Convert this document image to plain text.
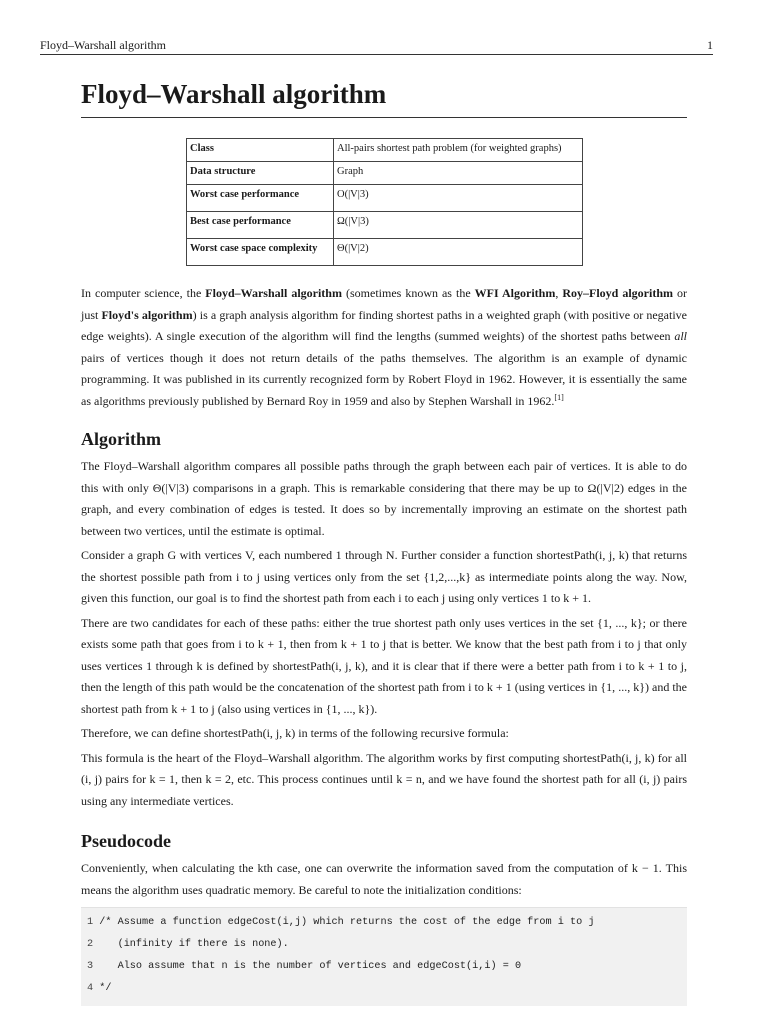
Floyd–Warshall algorithm	1
Floyd–Warshall algorithm
Class	All-pairs shortest path problem (for weighted graphs)
Data structure	Graph
Worst case performance	O(|V|3)
Best case performance	Ω(|V|3)
Worst case space complexity	Θ(|V|2)

In computer science, the Floyd–Warshall algorithm (sometimes known as the WFI Algorithm, Roy–Floyd algorithm or just Floyd's algorithm) is a graph analysis algorithm for finding shortest paths in a weighted graph (with positive or negative edge weights). A single execution of the algorithm will find the lengths (summed weights) of the shortest paths between all pairs of vertices though it does not return details of the paths themselves. The algorithm is an example of dynamic programming. It was published in its currently recognized form by Robert Floyd in 1962. However, it is essentially the same as algorithms previously published by Bernard Roy in 1959 and also by Stephen Warshall in 1962.[1]

Algorithm

The Floyd–Warshall algorithm compares all possible paths through the graph between each pair of vertices. It is able to do this with only Θ(|V|3) comparisons in a graph. This is remarkable considering that there may be up to Ω(|V|2) edges in the graph, and every combination of edges is tested. It does so by incrementally improving an estimate on the shortest path between two vertices, until the estimate is optimal.

Consider a graph G with vertices V, each numbered 1 through N. Further consider a function shortestPath(i, j, k) that returns the shortest possible path from i to j using vertices only from the set {1,2,...,k} as intermediate points along the way. Now, given this function, our goal is to find the shortest path from each i to each j using only vertices 1 to k + 1.

There are two candidates for each of these paths: either the true shortest path only uses vertices in the set {1, ..., k}; or there exists some path that goes from i to k + 1, then from k + 1 to j that is better. We know that the best path from i to j that only uses vertices 1 through k is defined by shortestPath(i, j, k), and it is clear that if there were a better path from i to k + 1 to j, then the length of this path would be the concatenation of the shortest path from i to k + 1 (using vertices in {1, ..., k}) and the shortest path from k + 1 to j (also using vertices in {1, ..., k}).

Therefore, we can define shortestPath(i, j, k) in terms of the following recursive formula:

This formula is the heart of the Floyd–Warshall algorithm. The algorithm works by first computing shortestPath(i, j, k) for all (i, j) pairs for k = 1, then k = 2, etc. This process continues until k = n, and we have found the shortest path for all (i, j) pairs using any intermediate vertices.

Pseudocode

Conveniently, when calculating the kth case, one can overwrite the information saved from the computation of k − 1. This means the algorithm uses quadratic memory. Be careful to note the initialization conditions:

1 /* Assume a function edgeCost(i,j) which returns the cost of the edge from i to j
2    (infinity if there is none).
3    Also assume that n is the number of vertices and edgeCost(i,i) = 0
4 */
